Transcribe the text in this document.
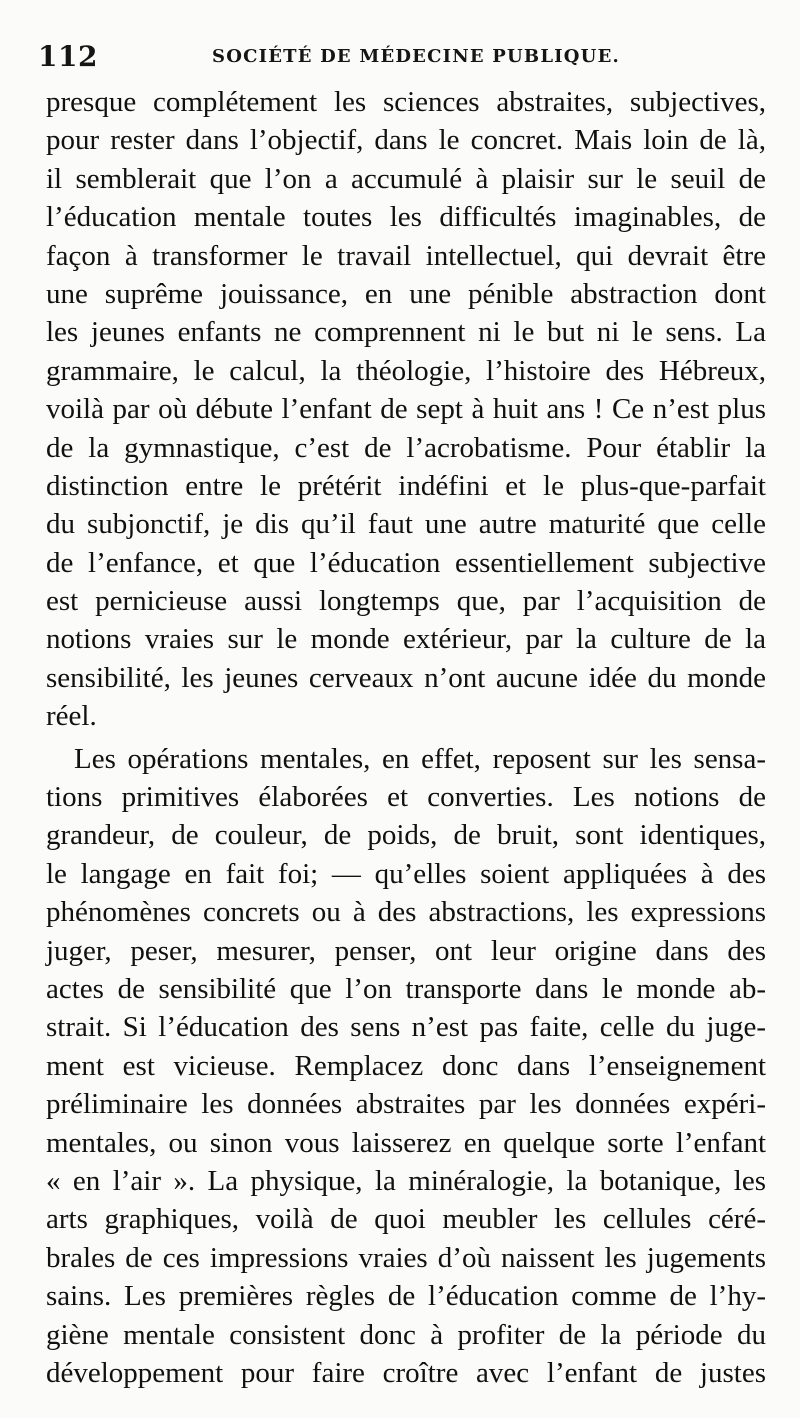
112	SOCIÉTÉ DE MÉDECINE PUBLIQUE.
presque complétement les sciences abstraites, subjectives,
pour rester dans l’objectif, dans le concret. Mais loin de là,
il semblerait que l’on a accumulé à plaisir sur le seuil de
l’éducation mentale toutes les difficultés imaginables, de
façon à transformer le travail intellectuel, qui devrait être
une suprême jouissance, en une pénible abstraction dont
les jeunes enfants ne comprennent ni le but ni le sens. La
grammaire, le calcul, la théologie, l’histoire des Hébreux,
voilà par où débute l’enfant de sept à huit ans ! Ce n’est plus
de la gymnastique, c’est de l’acrobatisme. Pour établir la
distinction entre le prétérit indéfini et le plus-que-parfait
du subjonctif, je dis qu’il faut une autre maturité que celle
de l’enfance, et que l’éducation essentiellement subjective
est pernicieuse aussi longtemps que, par l’acquisition de
notions vraies sur le monde extérieur, par la culture de la
sensibilité, les jeunes cerveaux n’ont aucune idée du monde
réel.
Les opérations mentales, en effet, reposent sur les sensa-
tions primitives élaborées et converties. Les notions de
grandeur, de couleur, de poids, de bruit, sont identiques,
le langage en fait foi; — qu’elles soient appliquées à des
phénomènes concrets ou à des abstractions, les expressions
juger, peser, mesurer, penser, ont leur origine dans des
actes de sensibilité que l’on transporte dans le monde ab-
strait. Si l’éducation des sens n’est pas faite, celle du juge-
ment est vicieuse. Remplacez donc dans l’enseignement
préliminaire les données abstraites par les données expéri-
mentales, ou sinon vous laisserez en quelque sorte l’enfant
« en l’air ». La physique, la minéralogie, la botanique, les
arts graphiques, voilà de quoi meubler les cellules céré-
brales de ces impressions vraies d’où naissent les jugements
sains. Les premières règles de l’éducation comme de l’hy-
giène mentale consistent donc à profiter de la période du
développement pour faire croître avec l’enfant de justes
